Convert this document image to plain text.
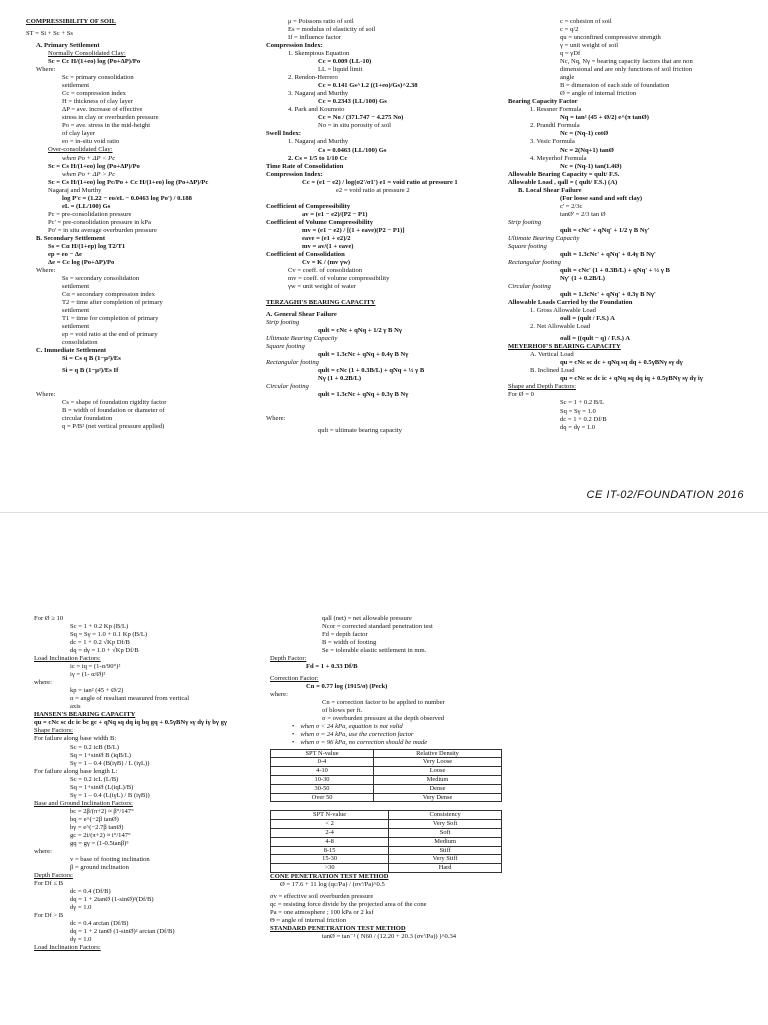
COMPRESSIBILITY OF SOIL
ST = Si + Sc + Ss
A. Primary Settlement
Normally Consolidated Clay:
Sc = Cc H/(1+eo) log (Po+ΔP)/Po
Where:
Sc = primary consolidation
settlement
Cc = compression index
H = thickness of clay layer
ΔP = ave. increase of effective
stress in clay or overburden pressure
Po = ave. stress in the mid-height
of clay layer
eo = in-situ void ratio
Over-consolidated Clay:
when Po + ΔP < Pc
Sc = Cs H/(1+eo) log (Po+ΔP)/Po
when Po + ΔP > Pc
Sc = Cs H/(1+eo) log Pc/Po + Cc H/(1+eo) log (Po+ΔP)/Pc
Nagaraj and Murthy
log P'c = (1.22 − eo/eL − 0.0463 log Po') / 0.188
eL = (LL/100) Gs
Pc = pre-consolidation pressure
Pc' = pre-consolidation pressure in kPa
Po' = in situ average overburden pressure
B. Secondary Settlement
Ss = Cα H/(1+ep) log T2/T1
ep = eo − Δe
Δe = Cc log (Po+ΔP)/Po
Where:
Ss = secondary consolidation
settlement
Cα = secondary compression index
T2 = time after completion of primary
settlement
T1 = time for completion of primary
settlement
ep = void ratio at the end of primary
consolidation
C. Immediate Settlement
Si = Cs q B (1−μ²)/Es
Si = q B (1−μ²)/Es If
Where:
Cs = shape of foundation rigidity factor
B = width of foundation or diameter of
circular foundation
q = P/B² (net vertical pressure applied)
μ = Poissons ratio of soil
Es = modulus of elasticity of soil
If = influence factor
Compression Index:
1. Skemptous Equation
Cc = 0.009 (LL-10)
LL = liquid limit
2. Rendon-Herrero
Cc = 0.141 Gs^1.2 ((1+eo)/Gs)^2.38
3. Nagaraj and Murthy
Cc = 0.2343 (LL/100) Gs
4. Park and Koumoto
Cc = No / (371.747 − 4.275 No)
No = in situ porosity of soil
Swell Index:
1. Nagaraj and Murthy
Cs = 0.0463 (LL/100) Gs
2. Cs = 1/5 to 1/10 Cc
Time Rate of Consolidation
Compression Index:
Cc = (e1 − e2) / log(σ2'/σ1') e1 = void ratio at pressure 1
e2 = void ratio at pressure 2
Coefficient of Compressibility
av = (e1 − e2)/(P2 − P1)
Coefficient of Volume Compressibility
mv = (e1 − e2) / [(1 + eave)(P2 − P1)]
eave = (e1 + e2)/2
mv = av/(1 + eave)
Coefficient of Consolidation
Cv = K / (mv γw)
Cv = coeff. of consolidation
mv = coeff. of volume compressibility
γw = unit weight of water
TERZAGHI'S BEARING CAPACITY
A. General Shear Failure
Strip footing
qult = cNc + qNq + 1/2 γ B Nγ
Ultimate Bearing Capacity
Square footing
qult = 1.3cNc + qNq + 0.4γ B Nγ
Rectangular footing
qult = cNc (1 + 0.3B/L) + qNq + ½ γ B
Nγ (1 + 0.2B/L)
Circular footing
qult = 1.3cNc + qNq + 0.3γ B Nγ
Where:
qult = ultimate bearing capacity
c = cohesion of soil
c = q/2
qu = unconfined compressive strength
γ = unit weight of soil
q = γDf
Nc, Nq, Nγ = bearing capacity factors that are non
dimensional and are only functions of soil friction
angle
B = dimension of each side of foundation
Ø = angle of internal friction
Bearing Capacity Factor
1. Ressner Formula
Nq = tan² (45 + Ø/2) e^(π tanØ)
2. Prandtl Formula
Nc = (Nq-1) cotØ
3. Vesic Formula
Nc = 2(Nq+1) tanØ
4. Meyerhof Formula
Nc = (Nq-1) tan(1.4Ø)
Allowable Bearing Capacity = qult/ F.S.
Allowable Load , qall = ( qult/ F.S.) (A)
B. Local Shear Failure
(For loose sand and soft clay)
c' = 2/3c
tanØ' = 2/3 tan Ø
Strip footing
qult = cNc' + qNq' + 1/2 γ B Nγ'
Ultimate Bearing Capacity
Square footing
qult = 1.3cNc' + qNq' + 0.4γ B Nγ'
Rectangular footing
qult = cNc' (1 + 0.3B/L) + qNq' + ½ γ B
Nγ' (1 + 0.2B/L)
Circular footing
qult = 1.3cNc' + qNq' + 0.3γ B Nγ'
Allowable Loads Carried by the Foundation
1. Gross Allowable Load
σall = (qult / F.S.) A
2. Net Allowable Load
σall = ((qult − q) / F.S.) A
MEYERHOF'S BEARING CAPACITY
A. Vertical Load
qu = cNc sc dc + qNq sq dq + 0.5γBNγ sγ dγ
B. Inclined Load
qu = cNc sc dc ic + qNq sq dq iq + 0.5γBNγ sγ dγ iγ
Shape and Depth Factors:
For Ø = 0
Sc = 1 + 0.2 B/L
Sq = Sγ = 1.0
dc = 1 + 0.2 Df/B
dq = dγ = 1.0
CE IT-02/FOUNDATION 2016
For Ø ≥ 10
Sc = 1 + 0.2 Kp (B/L)
Sq = Sγ = 1.0 + 0.1 Kp (B/L)
dc = 1 + 0.2 √Kp Df/B
dq = dγ = 1.0 + √Kp Df/B
Load Inclination Factors:
ic = iq = (1-α/90°)²
iγ = (1- α/Ø)²
where:
kp = tan² (45 + Ø/2)
α = angle of resultant measured from vertical
axis
HANSEN'S BEARING CAPACITY
qu = cNc sc dc ic bc gc + qNq sq dq iq bq gq + 0.5γBNγ sγ dγ iγ bγ gγ
Shape Factors:
For failure along base width B:
Sc = 0.2 icB (B/L)
Sq = 1+sinØ B (iqB/L)
Sγ = 1 – 0.4 (B(iγB) / L (iγL))
For failure along base length L:
Sc = 0.2 icL (L/B)
Sq = 1+sinØ (L(iqL)/B)
Sγ = 1 – 0.4 (L(iγL) / B (iγB))
Base and Ground Inclination Factors:
bc = 2β/(π+2) ≈ β°/147°
bq = e^(−2β tanØ)
bγ = e^(−2.7β tanØ)
gc = 2i/(π+2) ≈ i°/147°
gq = gγ = (1-0.5tanβ)⁵
where:
v = base of footing inclination
β = ground inclination
Depth Factors:
For Df ≤ B
dc = 0.4 (Df/B)
dq = 1 + 2tanØ (1-sinØ)²(Df/B)
dγ = 1.0
For Df > B
dc = 0.4 arctan (Df/B)
dq = 1 + 2 tanØ (1-sinØ)² arctan (Df/B)
dγ = 1.0
Load Inclination Factors:
qall (net) = net allowable pressure
Ncor = corrected standard penetration test
Fd = depth factor
B = width of footing
Se = tolerable elastic settlement in mm.
Depth Factor:
Fd = 1 + 0.33 Df/B
Correction Factor:
Cn = 0.77 log (1915/σ) (Peck)
where:
Cn = correction factor to be applied to number
of blows per ft.
σ = overburden pressure at the depth observed
• when σ < 24 kPa, equation is not valid
• when σ = 24 kPa, use the correction factor
• when σ = 96 kPa, no correction should be made
SPT N-value	Relative Density
0-4	Very Loose
4-10	Loose
10-30	Medium
30-50	Dense
Over 50	Very Dense
SPT N-value	Consistency
< 2	Very Soft
2-4	Soft
4-8	Medium
8-15	Stiff
15-30	Very Stiff
>30	Hard
CONE PENETRATION TEST METHOD
Ø = 17.6 + 11 log (qc/Pa) / (σv'/Pa)^0.5
σv = effective soil overburden pressure
qc = resisting force divide by the projected area of the cone
Pa = one atmosphere ; 100 kPa or 2 ksf
Θ = angle of internal friction
STANDARD PENETRATION TEST METHOD
tanØ = tan⁻¹ ( N60 / (12.20 + 20.3 (σv'/Pa)) )^0.34
